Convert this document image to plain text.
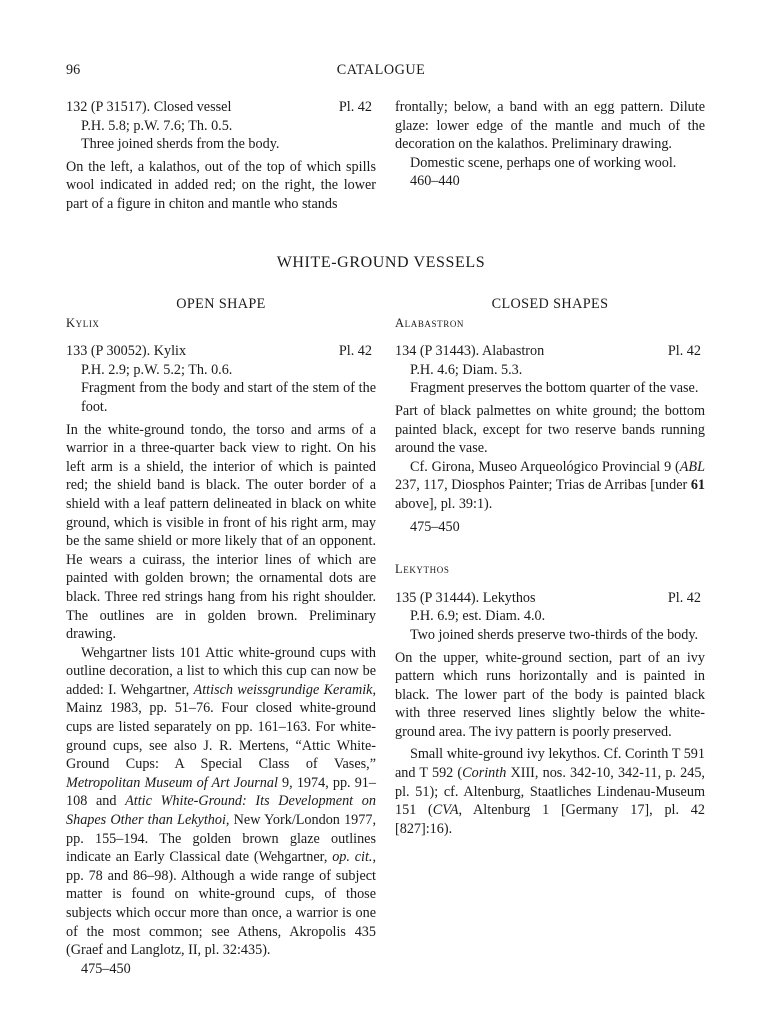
96	CATALOGUE
132 (P 31517). Closed vessel	Pl. 42

P.H. 5.8; p.W. 7.6; Th. 0.5.

Three joined sherds from the body.

On the left, a kalathos, out of the top of which spills wool indicated in added red; on the right, the lower part of a figure in chiton and mantle who stands

frontally; below, a band with an egg pattern. Dilute glaze: lower edge of the mantle and much of the decoration on the kalathos. Preliminary drawing.

Domestic scene, perhaps one of working wool.

460–440

WHITE-GROUND VESSELS
OPEN SHAPE
Kylix
133 (P 30052). Kylix	Pl. 42

P.H. 2.9; p.W. 5.2; Th. 0.6.

Fragment from the body and start of the stem of the foot.

In the white-ground tondo, the torso and arms of a warrior in a three-quarter back view to right. On his left arm is a shield, the interior of which is painted red; the shield band is black. The outer border of a shield with a leaf pattern delineated in black on white ground, which is visible in front of his right arm, may be the same shield or more likely that of an opponent. He wears a cuirass, the interior lines of which are painted with golden brown; the ornamental dots are black. Three red strings hang from his right shoulder. The outlines are in golden brown. Preliminary drawing.

Wehgartner lists 101 Attic white-ground cups with outline decoration, a list to which this cup can now be added: I. Wehgartner, Attisch weissgrundige Keramik, Mainz 1983, pp. 51–76. Four closed white-ground cups are listed separately on pp. 161–163. For white-ground cups, see also J. R. Mertens, “Attic White-Ground Cups: A Special Class of Vases,” Metropolitan Museum of Art Journal 9, 1974, pp. 91–108 and Attic White-Ground: Its Development on Shapes Other than Lekythoi, New York/London 1977, pp. 155–194. The golden brown glaze outlines indicate an Early Classical date (Wehgartner, op. cit., pp. 78 and 86–98). Although a wide range of subject matter is found on white-ground cups, of those subjects which occur more than once, a warrior is one of the most common; see Athens, Akropolis 435 (Graef and Langlotz, II, pl. 32:435).

475–450

CLOSED SHAPES
Alabastron
134 (P 31443). Alabastron	Pl. 42

P.H. 4.6; Diam. 5.3.

Fragment preserves the bottom quarter of the vase.

Part of black palmettes on white ground; the bottom painted black, except for two reserve bands running around the vase.

Cf. Girona, Museo Arqueológico Provincial 9 (ABL 237, 117, Diosphos Painter; Trias de Arribas [under 61 above], pl. 39:1).

475–450

Lekythos
135 (P 31444). Lekythos	Pl. 42

P.H. 6.9; est. Diam. 4.0.

Two joined sherds preserve two-thirds of the body.

On the upper, white-ground section, part of an ivy pattern which runs horizontally and is painted in black. The lower part of the body is painted black with three reserved lines slightly below the white-ground area. The ivy pattern is poorly preserved.

Small white-ground ivy lekythos. Cf. Corinth T 591 and T 592 (Corinth XIII, nos. 342-10, 342-11, p. 245, pl. 51); cf. Altenburg, Staatliches Lindenau-Museum 151 (CVA, Altenburg 1 [Germany 17], pl. 42 [827]:16).
